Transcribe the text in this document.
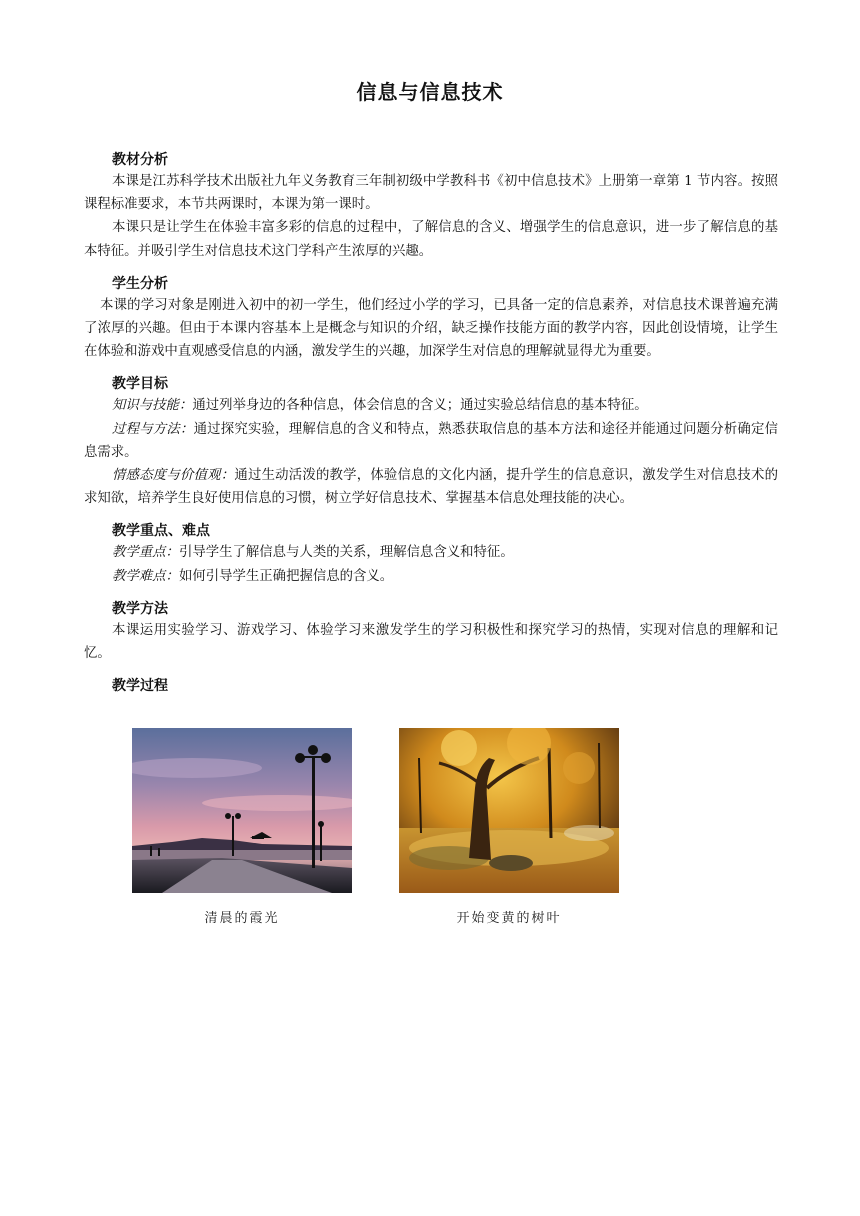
信息与信息技术

教材分析

本课是江苏科学技术出版社九年义务教育三年制初级中学教科书《初中信息技术》上册第一章第 1 节内容。按照课程标准要求，本节共两课时，本课为第一课时。

本课只是让学生在体验丰富多彩的信息的过程中，了解信息的含义、增强学生的信息意识，进一步了解信息的基本特征。并吸引学生对信息技术这门学科产生浓厚的兴趣。

学生分析

本课的学习对象是刚进入初中的初一学生，他们经过小学的学习，已具备一定的信息素养，对信息技术课普遍充满了浓厚的兴趣。但由于本课内容基本上是概念与知识的介绍，缺乏操作技能方面的教学内容，因此创设情境，让学生在体验和游戏中直观感受信息的内涵，激发学生的兴趣，加深学生对信息的理解就显得尤为重要。

教学目标

知识与技能：通过列举身边的各种信息，体会信息的含义；通过实验总结信息的基本特征。

过程与方法：通过探究实验，理解信息的含义和特点，熟悉获取信息的基本方法和途径并能通过问题分析确定信息需求。

情感态度与价值观：通过生动活泼的教学，体验信息的文化内涵，提升学生的信息意识，激发学生对信息技术的求知欲，培养学生良好使用信息的习惯，树立学好信息技术、掌握基本信息处理技能的决心。

教学重点、难点

教学重点：引导学生了解信息与人类的关系，理解信息含义和特征。

教学难点：如何引导学生正确把握信息的含义。

教学方法

本课运用实验学习、游戏学习、体验学习来激发学生的学习积极性和探究学习的热情，实现对信息的理解和记忆。

教学过程

清晨的霞光	开始变黄的树叶
